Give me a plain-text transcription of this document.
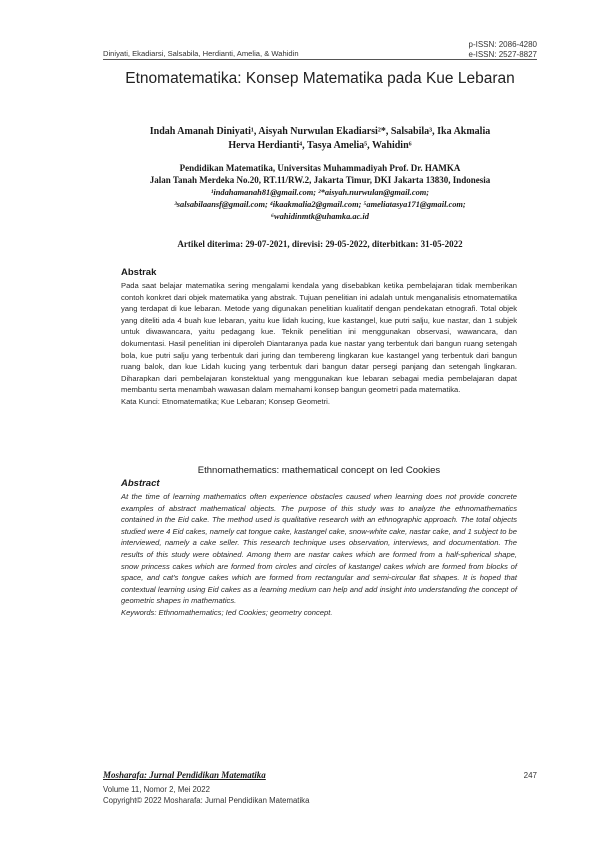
p-ISSN: 2086-4280
e-ISSN: 2527-8827
Diniyati, Ekadiarsi, Salsabila, Herdianti, Amelia, & Wahidin
Etnomatematika: Konsep Matematika pada Kue Lebaran
Indah Amanah Diniyati¹, Aisyah Nurwulan Ekadiarsi²*, Salsabila³, Ika Akmalia
Herva Herdianti⁴, Tasya Amelia⁵, Wahidin⁶
Pendidikan Matematika, Universitas Muhammadiyah Prof. Dr. HAMKA
Jalan Tanah Merdeka No.20, RT.11/RW.2, Jakarta Timur, DKI Jakarta 13830, Indonesia
¹indahamanah81@gmail.com; ²*aisyah.nurwulan@gmail.com;
³salsabilaansf@gmail.com; ⁴ikaakmalia2@gmail.com; ⁵ameliatasya171@gmail.com;
⁶wahidinmtk@uhamka.ac.id
Artikel diterima: 29-07-2021, direvisi: 29-05-2022, diterbitkan: 31-05-2022
Abstrak
Pada saat belajar matematika sering mengalami kendala yang disebabkan ketika pembelajaran tidak memberikan contoh konkret dari objek matematika yang abstrak. Tujuan penelitian ini adalah untuk menganalisis etnomatematika yang terdapat di kue lebaran. Metode yang digunakan penelitian kualitatif dengan pendekatan etnografi. Total objek yang diteliti ada 4 buah kue lebaran, yaitu kue lidah kucing, kue kastangel, kue putri salju, kue nastar, dan 1 subjek untuk diwawancara, yaitu pedagang kue. Teknik penelitian ini menggunakan observasi, wawancara, dan dokumentasi. Hasil penelitian ini diperoleh Diantaranya pada kue nastar yang terbentuk dari bangun ruang setengah bola, kue putri salju yang terbentuk dari juring dan tembereng lingkaran kue kastangel yang terbentuk dari bangun ruang balok, dan kue Lidah kucing yang terbentuk dari bangun datar persegi panjang dan setengah lingkaran. Diharapkan dari pembelajaran konstektual yang menggunakan kue lebaran sebagai media pembelajaran dapat membantu serta menambah wawasan dalam memahami konsep bangun geometri pada matematika.
Kata Kunci: Etnomatematika; Kue Lebaran; Konsep Geometri.
Ethnomathematics: mathematical concept on Ied Cookies
Abstract
At the time of learning mathematics often experience obstacles caused when learning does not provide concrete examples of abstract mathematical objects. The purpose of this study was to analyze the ethnomathematics contained in the Eid cake. The method used is qualitative research with an ethnographic approach. The total objects studied were 4 Eid cakes, namely cat tongue cake, kastangel cake, snow-white cake, nastar cake, and 1 subject to be interviewed, namely a cake seller. This research technique uses observation, interviews, and documentation. The results of this study were obtained. Among them are nastar cakes which are formed from a half-spherical shape, snow princess cakes which are formed from circles and circles of kastangel cakes which are formed from blocks of space, and cat's tongue cakes which are formed from rectangular and semi-circular flat shapes. It is hoped that contextual learning using Eid cakes as a learning medium can help and add insight into understanding the concept of geometric shapes in mathematics.
Keywords: Ethnomathematics; Ied Cookies; geometry concept.
Mosharafa: Jurnal Pendidikan Matematika
Volume 11, Nomor 2, Mei 2022
Copyright© 2022 Mosharafa: Jurnal Pendidikan Matematika
247
